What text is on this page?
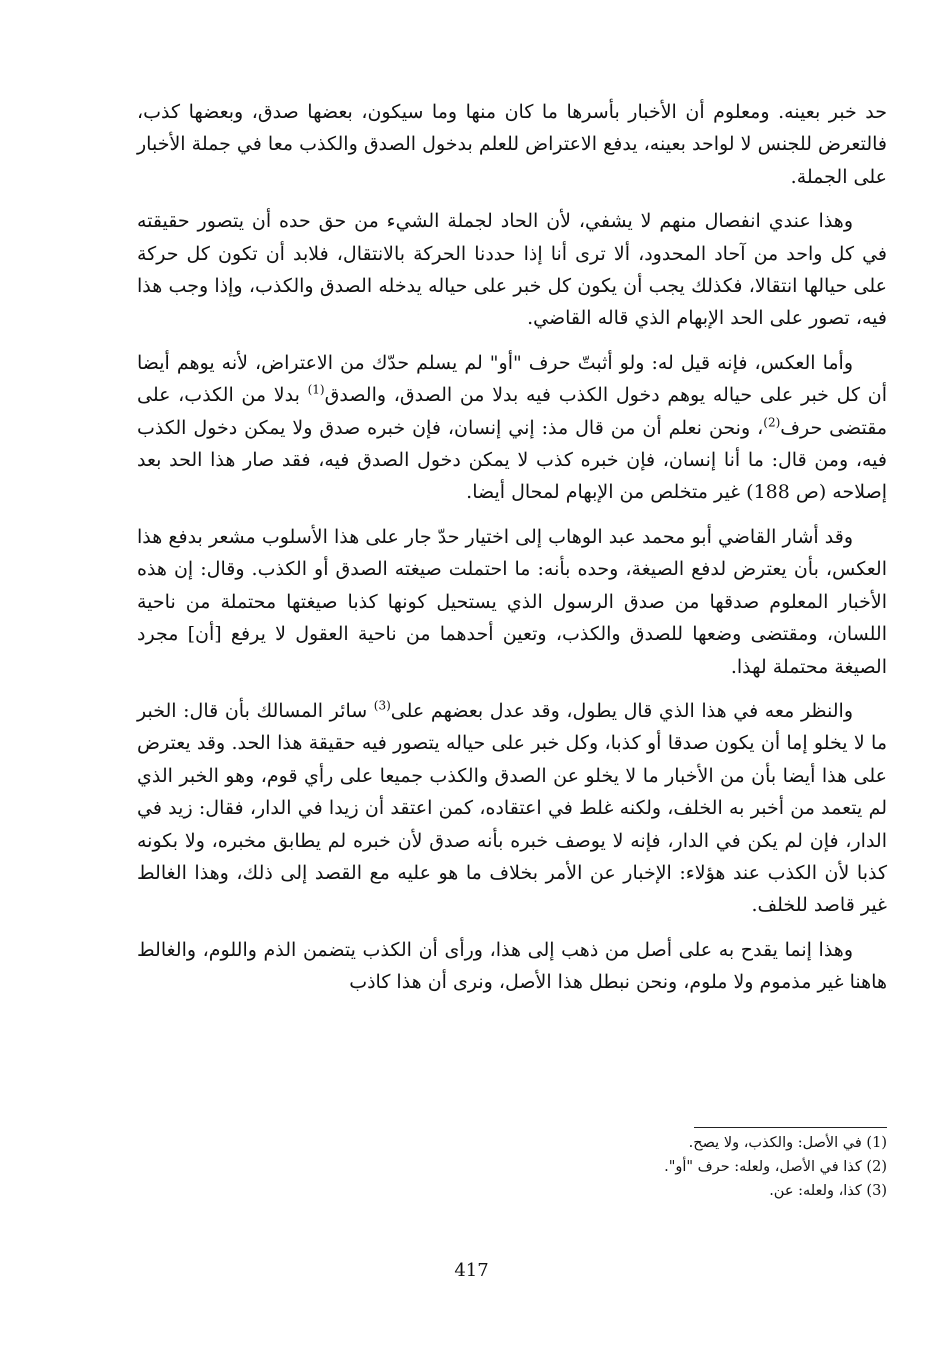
حد خبر بعينه. ومعلوم أن الأخبار بأسرها ما كان منها وما سيكون، بعضها صدق، وبعضها كذب، فالتعرض للجنس لا لواحد بعينه، يدفع الاعتراض للعلم بدخول الصدق والكذب معا في جملة الأخبار على الجملة.

وهذا عندي انفصال منهم لا يشفي، لأن الحاد لجملة الشيء من حق حده أن يتصور حقيقته في كل واحد من آحاد المحدود، ألا ترى أنا إذا حددنا الحركة بالانتقال، فلابد أن تكون كل حركة على حيالها انتقالا، فكذلك يجب أن يكون كل خبر على حياله يدخله الصدق والكذب، وإذا وجب هذا فيه، تصور على الحد الإبهام الذي قاله القاضي.

وأما العكس، فإنه قيل له: ولو أثبتّ حرف "أو" لم يسلم حدّك من الاعتراض، لأنه يوهم أيضا أن كل خبر على حياله يوهم دخول الكذب فيه بدلا من الصدق، والصدق$^{(1)}$ بدلا من الكذب، على مقتضى حرف$^{(2)}$، ونحن نعلم أن من قال مذ: إني إنسان، فإن خبره صدق ولا يمكن دخول الكذب فيه، ومن قال: ما أنا إنسان، فإن خبره كذب لا يمكن دخول الصدق فيه، فقد صار هذا الحد بعد إصلاحه (ص 188) غير متخلص من الإبهام لمحال أيضا.

وقد أشار القاضي أبو محمد عبد الوهاب إلى اختيار حدّ جار على هذا الأسلوب مشعر بدفع هذا العكس، بأن يعترض لدفع الصيغة، وحده بأنه: ما احتملت صيغته الصدق أو الكذب. وقال: إن هذه الأخبار المعلوم صدقها من صدق الرسول الذي يستحيل كونها كذبا صيغتها محتملة من ناحية اللسان، ومقتضى وضعها للصدق والكذب، وتعين أحدهما من ناحية العقول لا يرفع [أن] مجرد الصيغة محتملة لهذا.

والنظر معه في هذا الذي قال يطول، وقد عدل بعضهم على$^{(3)}$ سائر المسالك بأن قال: الخبر ما لا يخلو إما أن يكون صدقا أو كذبا، وكل خبر على حياله يتصور فيه حقيقة هذا الحد. وقد يعترض على هذا أيضا بأن من الأخبار ما لا يخلو عن الصدق والكذب جميعا على رأي قوم، وهو الخبر الذي لم يتعمد من أخبر به الخلف، ولكنه غلط في اعتقاده، كمن اعتقد أن زيدا في الدار، فقال: زيد في الدار، فإن لم يكن في الدار، فإنه لا يوصف خبره بأنه صدق لأن خبره لم يطابق مخبره، ولا بكونه كذبا لأن الكذب عند هؤلاء: الإخبار عن الأمر بخلاف ما هو عليه مع القصد إلى ذلك، وهذا الغالط غير قاصد للخلف.

وهذا إنما يقدح به على أصل من ذهب إلى هذا، ورأى أن الكذب يتضمن الذم واللوم، والغالط هاهنا غير مذموم ولا ملوم، ونحن نبطل هذا الأصل، ونرى أن هذا كاذب

(1) في الأصل: والكذب، ولا يصح.
(2) كذا في الأصل، ولعله: حرف "أو".
(3) كذا، ولعله: عن.
417
